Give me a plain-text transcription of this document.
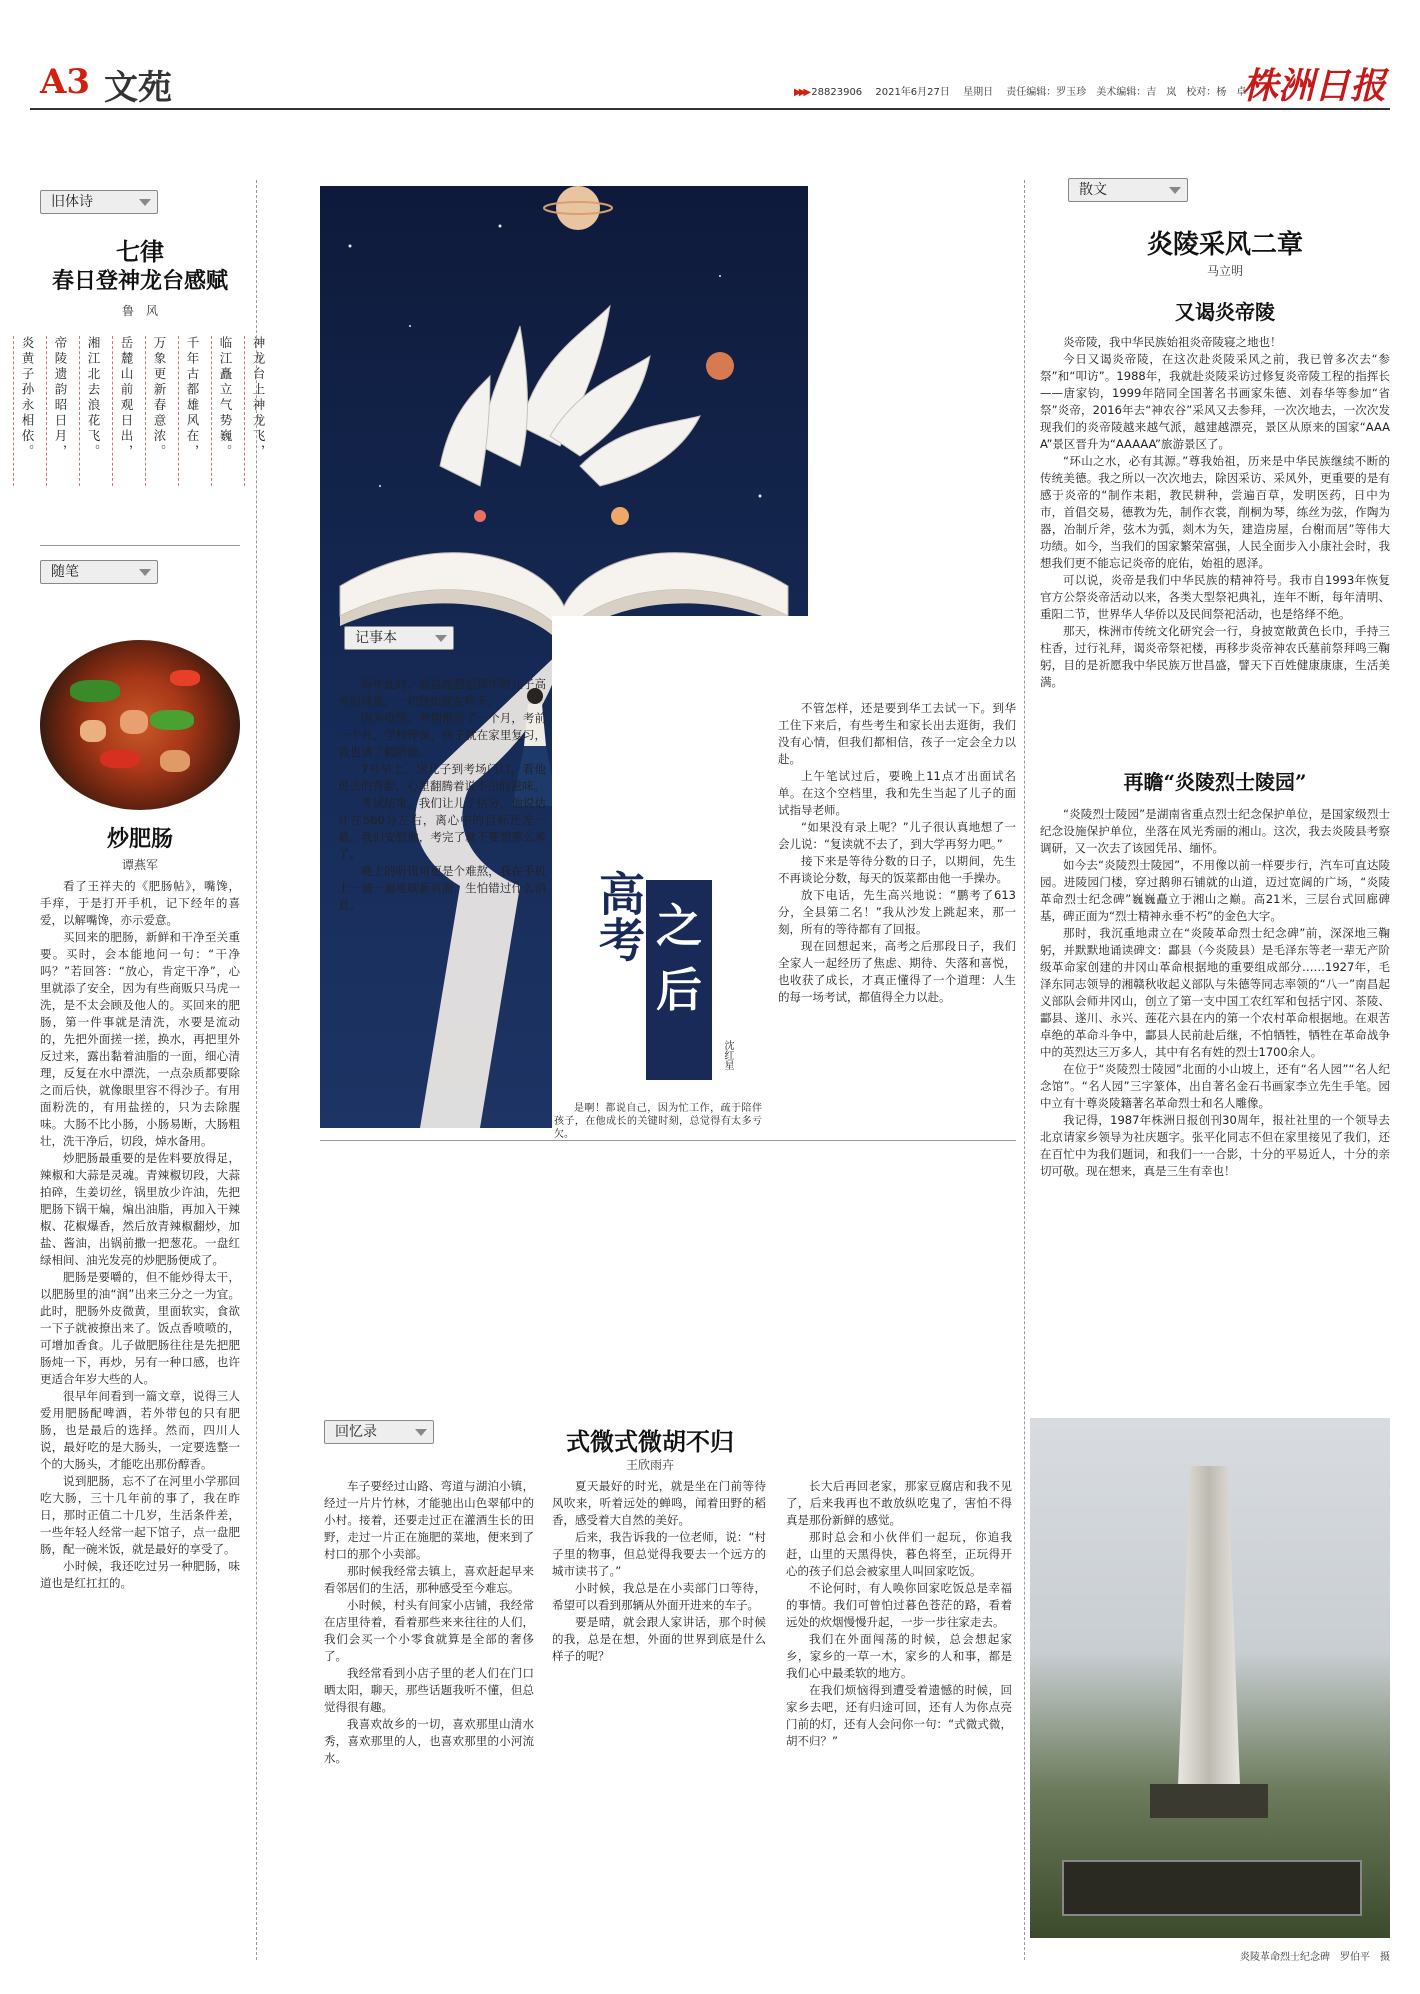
A3 文苑	▶▶▶ 28823906　 2021年6月27日　 星期日　 责任编辑：罗玉珍　美术编辑：吉　岚　校对：杨　卓
株洲日报
旧体诗
七律
春日登神龙台感赋
鲁　风
神龙台上神龙飞，
临江矗立气势巍。
千年古都雄风在，
万象更新春意浓。
岳麓山前观日出，
湘江北去浪花飞。
帝陵遗韵昭日月，
炎黄子孙永相依。
随笔
炒肥肠
谭燕军

看了王祥夫的《肥肠帖》，嘴馋，手痒，于是打开手机，记下经年的喜爱，以解嘴馋，亦示爱意。

买回来的肥肠，新鲜和干净至关重要。买时，会本能地问一句：“干净吗？”若回答：“放心，肯定干净”，心里就添了安全，因为有些商贩只马虎一洗，是不太会顾及他人的。买回来的肥肠，第一件事就是清洗，水要是流动的，先把外面搓一搓，换水，再把里外反过来，露出黏着油脂的一面，细心清理，反复在水中漂洗，一点杂质都要除之而后快，就像眼里容不得沙子。有用面粉洗的，有用盐搓的，只为去除腥味。大肠不比小肠，小肠易断，大肠粗壮，洗干净后，切段，焯水备用。

炒肥肠最重要的是佐料要放得足，辣椒和大蒜是灵魂。青辣椒切段，大蒜拍碎，生姜切丝，锅里放少许油，先把肥肠下锅干煸，煸出油脂，再加入干辣椒、花椒爆香，然后放青辣椒翻炒，加盐、酱油，出锅前撒一把葱花。一盘红绿相间、油光发亮的炒肥肠便成了。

肥肠是要嚼的，但不能炒得太干，以肥肠里的油“润”出来三分之一为宜。此时，肥肠外皮微黄，里面软实，食欲一下子就被撩出来了。饭点香喷喷的，可增加香食。儿子做肥肠往往是先把肥肠炖一下，再炒，另有一种口感，也许更适合年岁大些的人。

很早年间看到一篇文章，说得三人爱用肥肠配啤酒，若外带包的只有肥肠，也是最后的选择。然而，四川人说，最好吃的是大肠头，一定要选整一个的大肠头，才能吃出那份醇香。

说到肥肠，忘不了在河里小学那回吃大肠，三十几年前的事了，我在昨日，那时正值二十几岁，生活条件差，一些年轻人经常一起下馆子，点一盘肥肠，配一碗米饭，就是最好的享受了。

小时候，我还吃过另一种肥肠，味道也是红扛扛的。

记事本
高考 之
后
沈红星

每年此时，我总能想起那年陪儿子高考的情景，一切恍如就在昨天。

因为疫情，考期推迟了一个月，考前一个月，学校停课，孩子就在家里复习，我也请了假陪他。

7号早上，送儿子到考场门口，看他进去的背影，心里翻腾着说不出的滋味。

考试结束，我们让儿子估分，他说估计在560分左右，离心中的目标还差一截。我们安慰他，考完了就不要想那么多了。

晚上的听讯可更是个难熬，我在手机上一遍一遍地刷新页面，生怕错过什么消息。

是啊！都说自己，因为忙工作，疏于陪伴孩子，在他成长的关键时刻，总觉得有太多亏欠。

不管怎样，还是要到华工去试一下。到华工住下来后，有些考生和家长出去逛街，我们没有心情，但我们都相信，孩子一定会全力以赴。

上午笔试过后，要晚上11点才出面试名单。在这个空档里，我和先生当起了儿子的面试指导老师。

“如果没有录上呢？”儿子很认真地想了一会儿说：“复读就不去了，到大学再努力吧。”

接下来是等待分数的日子，以期间，先生不再谈论分数，每天的饭菜都由他一手操办。

放下电话，先生高兴地说：“鹏考了613分，全县第二名！”我从沙发上跳起来，那一刻，所有的等待都有了回报。

现在回想起来，高考之后那段日子，我们全家人一起经历了焦虑、期待、失落和喜悦，也收获了成长，才真正懂得了一个道理：人生的每一场考试，都值得全力以赴。

回忆录	式微式微胡不归
王欣雨卉

车子要经过山路、弯道与湖泊小镇，经过一片片竹林，才能驰出山色翠郁中的小村。接着，还要走过正在灌酒生长的田野，走过一片正在施肥的菜地，便来到了村口的那个小卖部。

那时候我经常去镇上，喜欢赶起早来看邻居们的生活，那种感受至今难忘。

小时候，村头有间家小店铺，我经常在店里待着，看着那些来来往往的人们，我们会买一个小零食就算是全部的奢侈了。

我经常看到小店子里的老人们在门口晒太阳，聊天，那些话题我听不懂，但总觉得很有趣。

我喜欢故乡的一切，喜欢那里山清水秀，喜欢那里的人，也喜欢那里的小河流水。

夏天最好的时光，就是坐在门前等待风吹来，听着远处的蝉鸣，闻着田野的稻香，感受着大自然的美好。

后来，我告诉我的一位老师，说：“村子里的物事，但总觉得我要去一个远方的城市读书了。”

小时候，我总是在小卖部门口等待，希望可以看到那辆从外面开进来的车子。

要是晴，就会跟人家讲话，那个时候的我，总是在想，外面的世界到底是什么样子的呢？

长大后再回老家，那家豆腐店和我不见了，后来我再也不敢放纵吃鬼了，害怕不得真是那份新鲜的感觉。

那时总会和小伙伴们一起玩，你追我赶，山里的天黑得快，暮色将至，正玩得开心的孩子们总会被家里人叫回家吃饭。

不论何时，有人唤你回家吃饭总是幸福的事情。我们可曾怕过暮色苍茫的路，看着远处的炊烟慢慢升起，一步一步往家走去。

我们在外面闯荡的时候，总会想起家乡，家乡的一草一木，家乡的人和事，都是我们心中最柔软的地方。

在我们烦恼得到遭受着遗憾的时候，回家乡去吧，还有归途可回，还有人为你点亮门前的灯，还有人会问你一句：“式微式微，胡不归？”

散文
炎陵采风二章
马立明
又谒炎帝陵

炎帝陵，我中华民族始祖炎帝陵寝之地也！

今日又谒炎帝陵，在这次赴炎陵采风之前，我已曾多次去“参祭”和“叩访”。1988年，我就赴炎陵采访过修复炎帝陵工程的指挥长——唐家钧，1999年陪同全国著名书画家朱德、刘春华等参加“省祭”炎帝，2016年去“神农谷”采风又去参拜，一次次地去，一次次发现我们的炎帝陵越来越气派，越建越漂亮，景区从原来的国家“AAAA”景区晋升为“AAAAA”旅游景区了。

“环山之水，必有其源。”尊我始祖，历来是中华民族继续不断的传统美德。我之所以一次次地去，除因采访、采风外，更重要的是有感于炎帝的“制作耒耜，教民耕种，尝遍百草，发明医药，日中为市，首倡交易，德教为先，制作衣裳，削桐为琴，练丝为弦，作陶为器，冶制斤斧，弦木为弧，剡木为矢，建造房屋，台榭而居”等伟大功绩。如今，当我们的国家繁荣富强，人民全面步入小康社会时，我想我们更不能忘记炎帝的庇佑，始祖的恩泽。

可以说，炎帝是我们中华民族的精神符号。我市自1993年恢复官方公祭炎帝活动以来，各类大型祭祀典礼，连年不断，每年清明、重阳二节，世界华人华侨以及民间祭祀活动，也是络绎不绝。

那天，株洲市传统文化研究会一行，身披宽敞黄色长巾，手持三柱香，过行礼拜，谒炎帝祭祀楼，再移步炎帝神农氏墓前祭拜鸣三鞠躬，目的是祈愿我中华民族万世昌盛，譬天下百姓健康康康，生活美满。

再瞻“炎陵烈士陵园”

“炎陵烈士陵园”是湖南省重点烈士纪念保护单位，是国家级烈士纪念设施保护单位，坐落在风光秀丽的湘山。这次，我去炎陵县考察调研，又一次去了该园凭吊、缅怀。

如今去“炎陵烈士陵园”，不用像以前一样要步行，汽车可直达陵园。进陵园门楼，穿过鹅卵石铺就的山道，迈过宽阔的广场，“炎陵革命烈士纪念碑”巍巍矗立于湘山之巅。高21米，三层台式回廊碑基，碑正面为“烈士精神永垂不朽”的金色大字。

那时，我沉重地肃立在“炎陵革命烈士纪念碑”前，深深地三鞠躬，并默默地诵读碑文：酃县（今炎陵县）是毛泽东等老一辈无产阶级革命家创建的井冈山革命根据地的重要组成部分……1927年，毛泽东同志领导的湘赣秋收起义部队与朱德等同志率领的“八一”南昌起义部队会师井冈山，创立了第一支中国工农红军和包括宁冈、茶陵、酃县、遂川、永兴、莲花六县在内的第一个农村革命根据地。在艰苦卓绝的革命斗争中，酃县人民前赴后继，不怕牺牲，牺牲在革命战争中的英烈达三万多人，其中有名有姓的烈士1700余人。

在位于“炎陵烈士陵园”北面的小山坡上，还有“名人园”“名人纪念馆”。“名人园”三字篆体，出自著名金石书画家李立先生手笔。园中立有十尊炎陵籍著名革命烈士和名人雕像。

我记得，1987年株洲日报创刊30周年，报社社里的一个领导去北京请家乡领导为社庆题字。张平化同志不但在家里接见了我们，还在百忙中为我们题词，和我们一一合影，十分的平易近人，十分的亲切可敬。现在想来，真是三生有幸也！

炎陵革命烈士纪念碑　罗伯平　摄
